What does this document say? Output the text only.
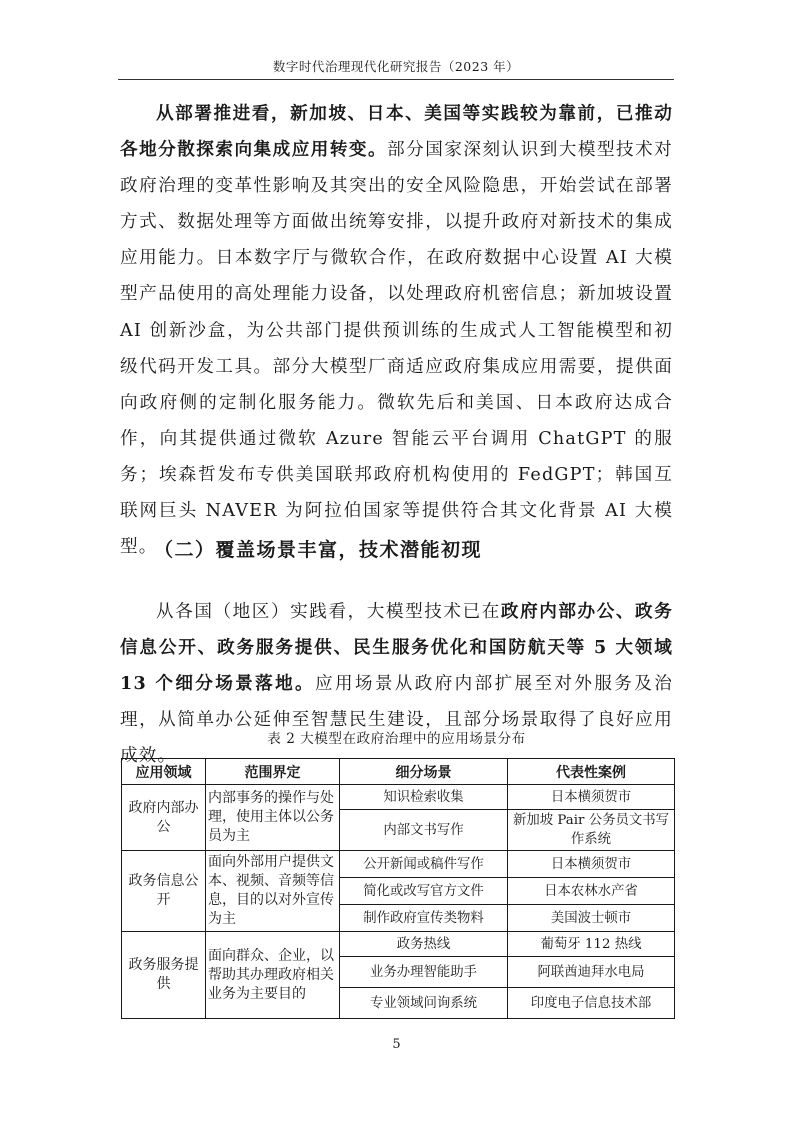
数字时代治理现代化研究报告（2023 年）

从部署推进看，新加坡、日本、美国等实践较为靠前，已推动各地分散探索向集成应用转变。部分国家深刻认识到大模型技术对政府治理的变革性影响及其突出的安全风险隐患，开始尝试在部署方式、数据处理等方面做出统筹安排，以提升政府对新技术的集成应用能力。日本数字厅与微软合作，在政府数据中心设置 AI 大模型产品使用的高处理能力设备，以处理政府机密信息；新加坡设置 AI 创新沙盒，为公共部门提供预训练的生成式人工智能模型和初级代码开发工具。部分大模型厂商适应政府集成应用需要，提供面向政府侧的定制化服务能力。微软先后和美国、日本政府达成合作，向其提供通过微软 Azure 智能云平台调用 ChatGPT 的服务；埃森哲发布专供美国联邦政府机构使用的 FedGPT；韩国互联网巨头 NAVER 为阿拉伯国家等提供符合其文化背景 AI 大模型。

（二）覆盖场景丰富，技术潜能初现

从各国（地区）实践看，大模型技术已在政府内部办公、政务信息公开、政务服务提供、民生服务优化和国防航天等 5 大领域 13 个细分场景落地。应用场景从政府内部扩展至对外服务及治理，从简单办公延伸至智慧民生建设，且部分场景取得了良好应用成效。

表 2 大模型在政府治理中的应用场景分布
应用领域	范围界定	细分场景	代表性案例
政府内部办公	内部事务的操作与处理，使用主体以公务员为主	知识检索收集	日本横须贺市
		内部文书写作	新加坡 Pair 公务员文书写作系统
政务信息公开	面向外部用户提供文本、视频、音频等信息，目的以对外宣传为主	公开新闻或稿件写作	日本横须贺市
		简化或改写官方文件	日本农林水产省
		制作政府宣传类物料	美国波士顿市
政务服务提供	面向群众、企业，以帮助其办理政府相关业务为主要目的	政务热线	葡萄牙 112 热线
		业务办理智能助手	阿联酋迪拜水电局
		专业领域问询系统	印度电子信息技术部
5
